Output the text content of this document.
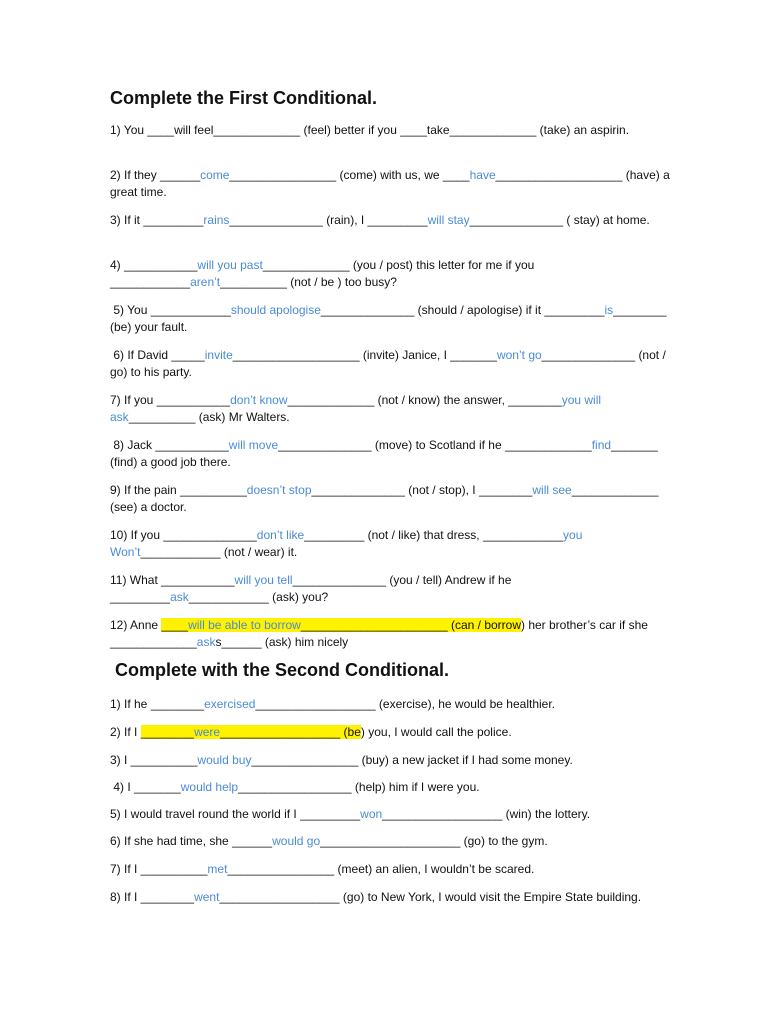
Complete the First Conditional.

1) You ____will feel_____________ (feel) better if you ____take_____________ (take) an aspirin.

2) If they ______come________________ (come) with us, we ____have___________________ (have) a great time.

3) If it _________rains______________ (rain), I _________will stay______________ ( stay) at home.

4) ___________will you past_____________ (you / post) this letter for me if you ____________aren’t__________ (not / be ) too busy?

5) You ____________should apologise______________ (should / apologise) if it _________is________ (be) your fault.

6) If David _____invite___________________ (invite) Janice, I _______won’t go______________ (not / go) to his party.

7) If you ___________don’t know_____________ (not / know) the answer, ________you will ask__________ (ask) Mr Walters.

8) Jack ___________will move______________ (move) to Scotland if he _____________find_______ (find) a good job there.

9) If the pain __________doesn’t stop______________ (not / stop), I ________will see_____________ (see) a doctor.

10) If you ______________don’t like_________ (not / like) that dress, ____________you Won’t____________ (not / wear) it.

11) What ___________will you tell______________ (you / tell) Andrew if he _________ask____________ (ask) you?

12) Anne ____will be able to borrow______________________ (can / borrow) her brother’s car if she _____________asks______ (ask) him nicely

Complete with the Second Conditional.

1) If he ________exercised__________________ (exercise), he would be healthier.

2) If I ________were__________________ (be) you, I would call the police.

3) I __________would buy________________ (buy) a new jacket if I had some money.

4) I _______would help_________________ (help) him if I were you.

5) I would travel round the world if I _________won__________________ (win) the lottery.

6) If she had time, she ______would go_____________________ (go) to the gym.

7) If I __________met________________ (meet) an alien, I wouldn’t be scared.

8) If I ________went__________________ (go) to New York, I would visit the Empire State building.
